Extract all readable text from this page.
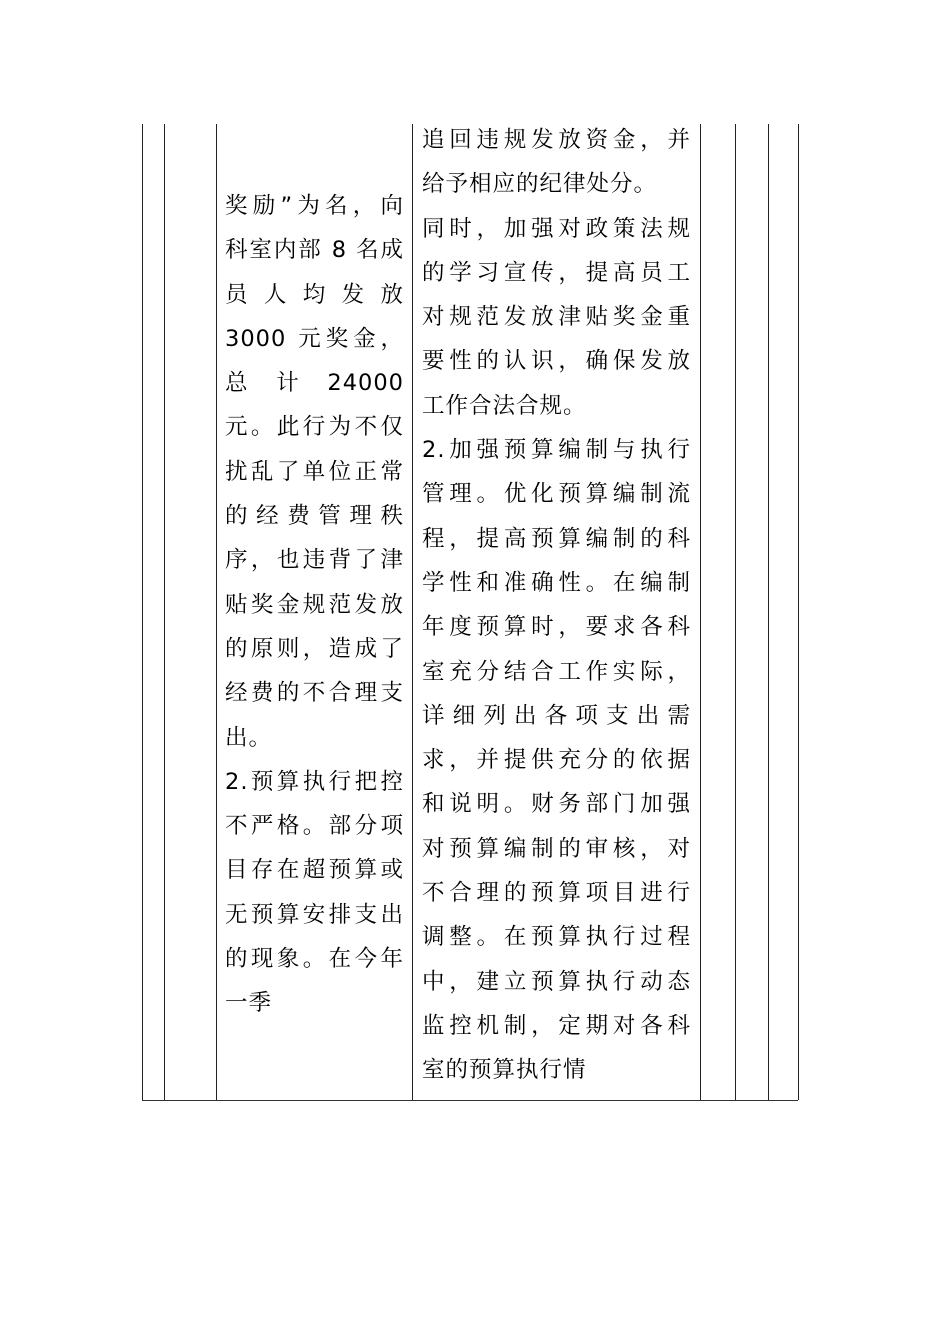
奖励”为名，向
科室内部 8 名成
员 人 均 发 放
3000 元奖金，
总 计 24000
元。此行为不仅
扰乱了单位正常
的经费管理秩
序，也违背了津
贴奖金规范发放
的原则，造成了
经费的不合理支
出。
2.预算执行把控
不严格。部分项
目存在超预算或
无预算安排支出
的现象。在今年
一季
追回违规发放资金，并
给予相应的纪律处分。
同时，加强对政策法规
的学习宣传，提高员工
对规范发放津贴奖金重
要性的认识，确保发放
工作合法合规。
2.加强预算编制与执行
管理。优化预算编制流
程，提高预算编制的科
学性和准确性。在编制
年度预算时，要求各科
室充分结合工作实际，
详细列出各项支出需
求，并提供充分的依据
和说明。财务部门加强
对预算编制的审核，对
不合理的预算项目进行
调整。在预算执行过程
中，建立预算执行动态
监控机制，定期对各科
室的预算执行情
